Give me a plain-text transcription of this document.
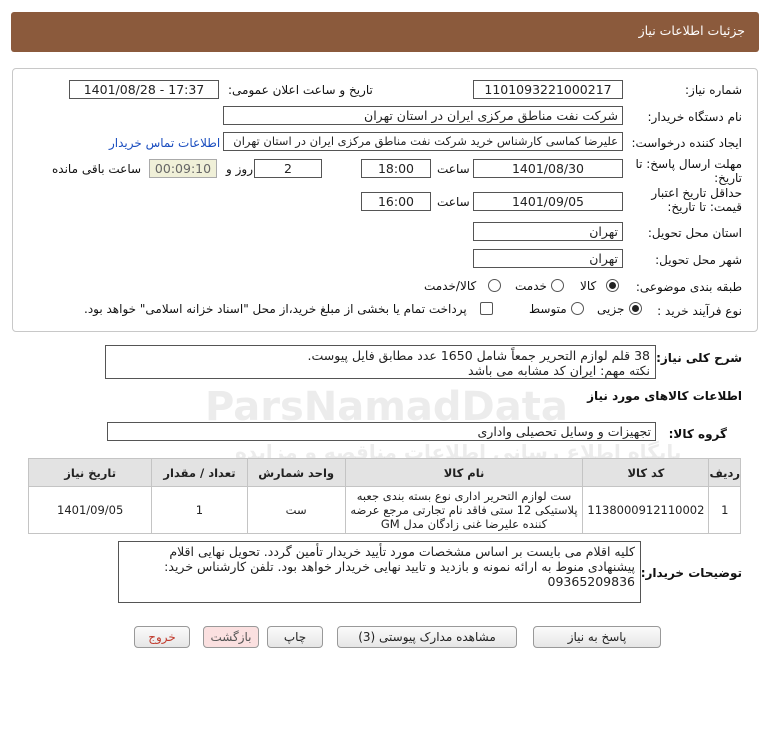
جزئیات اطلاعات نیاز
ParsNamadData
پایگاه اطلاع رسانی اطلاعات مناقصه و مزایده
شماره نیاز:
1101093221000217
تاریخ و ساعت اعلان عمومی:
1401/08/28 - 17:37
نام دستگاه خریدار:
شرکت نفت مناطق مرکزی ایران در استان تهران
ایجاد کننده درخواست:
علیرضا کماسی کارشناس خرید شرکت نفت مناطق مرکزی ایران در استان تهران
اطلاعات تماس خریدار
مهلت ارسال پاسخ: تا تاریخ:
1401/08/30
ساعت
18:00
2
روز و
00:09:10
ساعت باقی مانده
حداقل تاریخ اعتبار قیمت: تا تاریخ:
1401/09/05
ساعت
16:00
استان محل تحویل:
تهران
شهر محل تحویل:
تهران
طبقه بندی موضوعی:
کالا
خدمت
کالا/خدمت
نوع فرآیند خرید :
جزیی
متوسط
پرداخت تمام یا بخشی از مبلغ خرید،از محل "اسناد خزانه اسلامی" خواهد بود.
شرح کلی نیاز:
38 قلم لوازم التحریر جمعاً شامل 1650 عدد مطابق فایل پیوست.
نکته مهم: ایران کد مشابه می باشد
اطلاعات کالاهای مورد نیاز
گروه کالا:
تجهیزات و وسایل تحصیلی واداری
ردیف	کد کالا	نام کالا	واحد شمارش	تعداد / مقدار	تاریخ نیاز
1	1138000912110002	ست لوازم التحریر اداری نوع بسته بندی جعبه پلاستیکی 12 ستی فاقد نام تجارتی مرجع عرضه کننده علیرضا غنی زادگان مدل GM	ست	1	1401/09/05
توضیحات خریدار:
کلیه اقلام می بایست بر اساس مشخصات مورد تأیید خریدار تأمین گردد. تحویل نهایی اقلام پیشنهادی منوط به ارائه نمونه و بازدید و تایید نهایی خریدار خواهد بود. تلفن کارشناس خرید: 09365209836
پاسخ به نیاز
مشاهده مدارک پیوستی (3)
چاپ
بازگشت
خروج
